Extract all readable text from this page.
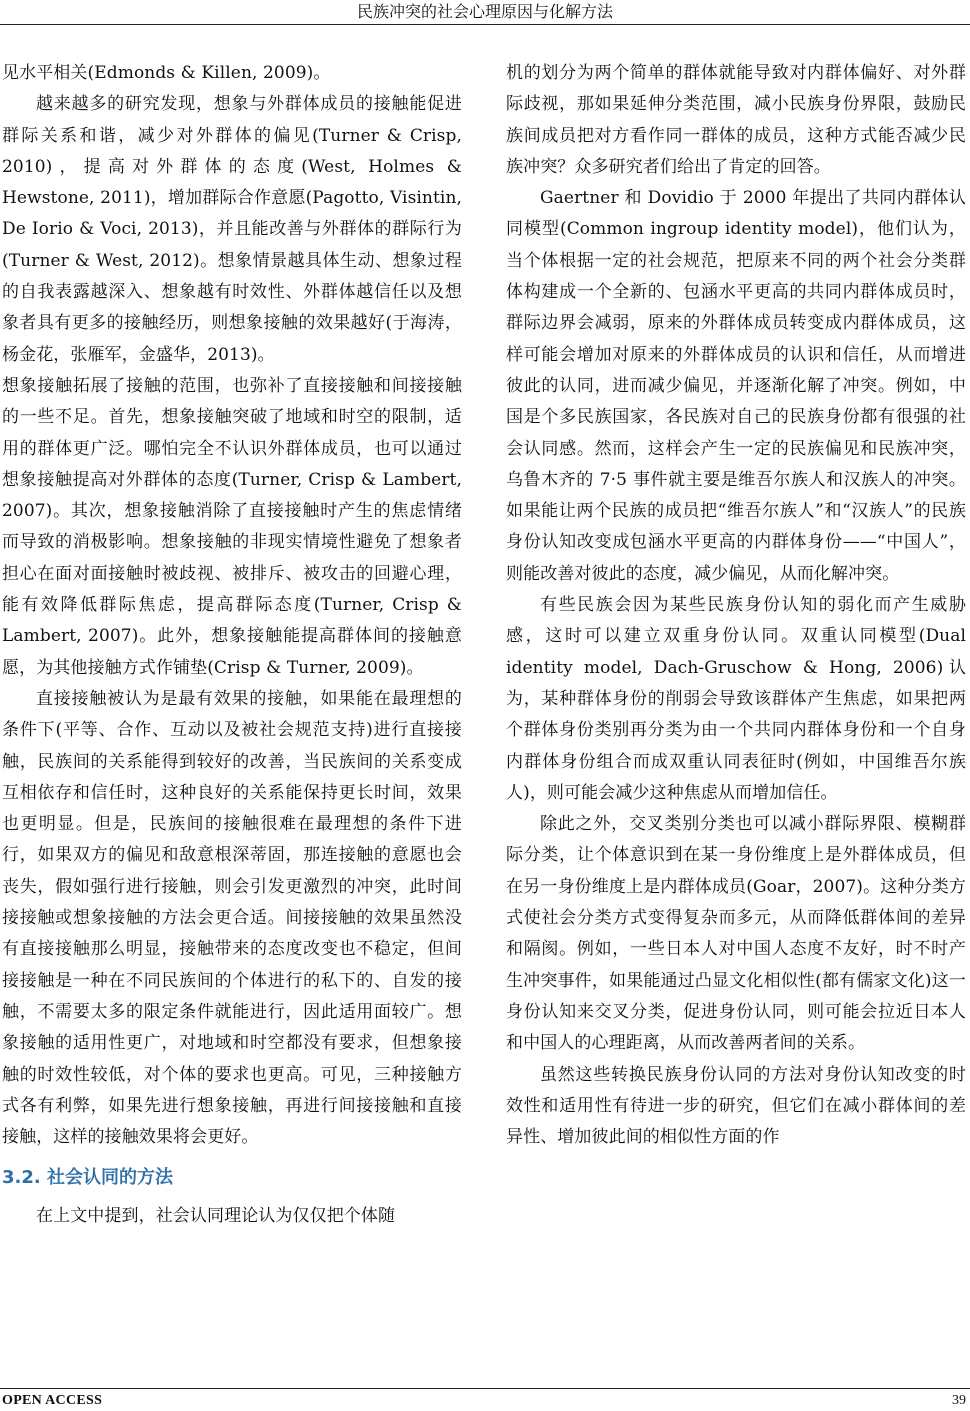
民族冲突的社会心理原因与化解方法

见水平相关(Edmonds & Killen, 2009)。

越来越多的研究发现，想象与外群体成员的接触能促进群际关系和谐，减少对外群体的偏见(Turner & Crisp, 2010)，提高对外群体的态度(West, Holmes & Hewstone, 2011)，增加群际合作意愿(Pagotto, Visintin, De Iorio & Voci, 2013)，并且能改善与外群体的群际行为(Turner & West, 2012)。想象情景越具体生动、想象过程的自我表露越深入、想象越有时效性、外群体越信任以及想象者具有更多的接触经历，则想象接触的效果越好(于海涛，杨金花，张雁军，金盛华，2013)。

想象接触拓展了接触的范围，也弥补了直接接触和间接接触的一些不足。首先，想象接触突破了地域和时空的限制，适用的群体更广泛。哪怕完全不认识外群体成员，也可以通过想象接触提高对外群体的态度(Turner, Crisp & Lambert, 2007)。其次，想象接触消除了直接接触时产生的焦虑情绪而导致的消极影响。想象接触的非现实情境性避免了想象者担心在面对面接触时被歧视、被排斥、被攻击的回避心理，能有效降低群际焦虑，提高群际态度(Turner, Crisp & Lambert, 2007)。此外，想象接触能提高群体间的接触意愿，为其他接触方式作铺垫(Crisp & Turner, 2009)。

直接接触被认为是最有效果的接触，如果能在最理想的条件下(平等、合作、互动以及被社会规范支持)进行直接接触，民族间的关系能得到较好的改善，当民族间的关系变成互相依存和信任时，这种良好的关系能保持更长时间，效果也更明显。但是，民族间的接触很难在最理想的条件下进行，如果双方的偏见和敌意根深蒂固，那连接触的意愿也会丧失，假如强行进行接触，则会引发更激烈的冲突，此时间接接触或想象接触的方法会更合适。间接接触的效果虽然没有直接接触那么明显，接触带来的态度改变也不稳定，但间接接触是一种在不同民族间的个体进行的私下的、自发的接触，不需要太多的限定条件就能进行，因此适用面较广。想象接触的适用性更广，对地域和时空都没有要求，但想象接触的时效性较低，对个体的要求也更高。可见，三种接触方式各有利弊，如果先进行想象接触，再进行间接接触和直接接触，这样的接触效果将会更好。

3.2. 社会认同的方法

在上文中提到，社会认同理论认为仅仅把个体随

机的划分为两个简单的群体就能导致对内群体偏好、对外群际歧视，那如果延伸分类范围，减小民族身份界限，鼓励民族间成员把对方看作同一群体的成员，这种方式能否减少民族冲突？众多研究者们给出了肯定的回答。

Gaertner 和 Dovidio 于 2000 年提出了共同内群体认同模型(Common ingroup identity model)，他们认为，当个体根据一定的社会规范，把原来不同的两个社会分类群体构建成一个全新的、包涵水平更高的共同内群体成员时，群际边界会减弱，原来的外群体成员转变成内群体成员，这样可能会增加对原来的外群体成员的认识和信任，从而增进彼此的认同，进而减少偏见，并逐渐化解了冲突。例如，中国是个多民族国家，各民族对自己的民族身份都有很强的社会认同感。然而，这样会产生一定的民族偏见和民族冲突，乌鲁木齐的 7·5 事件就主要是维吾尔族人和汉族人的冲突。如果能让两个民族的成员把“维吾尔族人”和“汉族人”的民族身份认知改变成包涵水平更高的内群体身份——“中国人”，则能改善对彼此的态度，减少偏见，从而化解冲突。

有些民族会因为某些民族身份认知的弱化而产生威胁感，这时可以建立双重身份认同。双重认同模型(Dual identity model, Dach-Gruschow & Hong, 2006)认为，某种群体身份的削弱会导致该群体产生焦虑，如果把两个群体身份类别再分类为由一个共同内群体身份和一个自身内群体身份组合而成双重认同表征时(例如，中国维吾尔族人)，则可能会减少这种焦虑从而增加信任。

除此之外，交叉类别分类也可以减小群际界限、模糊群际分类，让个体意识到在某一身份维度上是外群体成员，但在另一身份维度上是内群体成员(Goar，2007)。这种分类方式使社会分类方式变得复杂而多元，从而降低群体间的差异和隔阂。例如，一些日本人对中国人态度不友好，时不时产生冲突事件，如果能通过凸显文化相似性(都有儒家文化)这一身份认知来交叉分类，促进身份认同，则可能会拉近日本人和中国人的心理距离，从而改善两者间的关系。

虽然这些转换民族身份认同的方法对身份认知改变的时效性和适用性有待进一步的研究，但它们在减小群体间的差异性、增加彼此间的相似性方面的作

OPEN ACCESS	39
